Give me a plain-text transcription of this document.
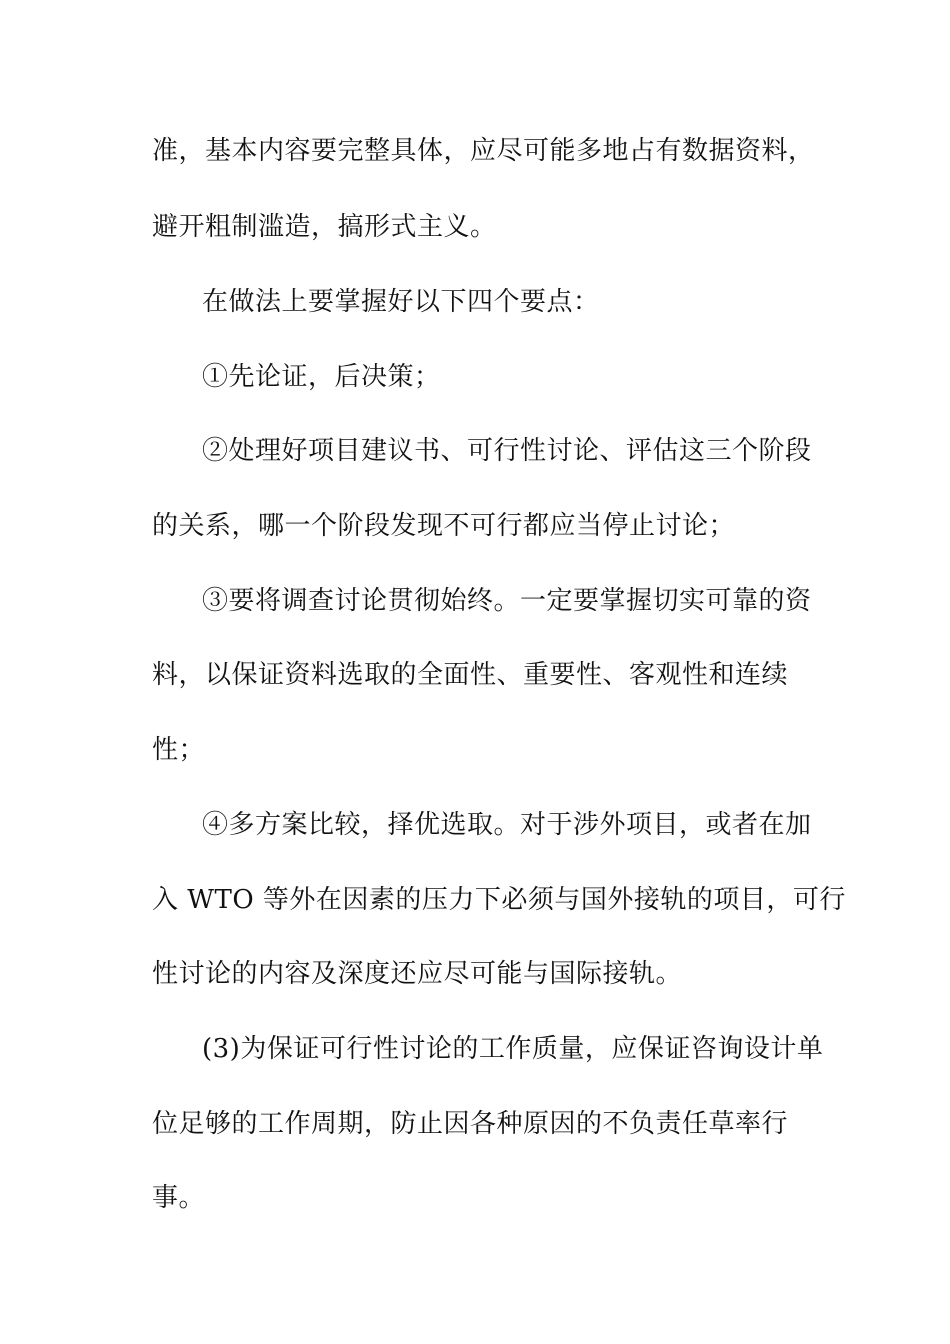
准，基本内容要完整具体，应尽可能多地占有数据资料，
避开粗制滥造，搞形式主义。
在做法上要掌握好以下四个要点：
①先论证，后决策；
②处理好项目建议书、可行性讨论、评估这三个阶段
的关系，哪一个阶段发现不可行都应当停止讨论；
③要将调查讨论贯彻始终。一定要掌握切实可靠的资
料，以保证资料选取的全面性、重要性、客观性和连续
性；
④多方案比较，择优选取。对于涉外项目，或者在加
入 WTO 等外在因素的压力下必须与国外接轨的项目，可行
性讨论的内容及深度还应尽可能与国际接轨。
(3)为保证可行性讨论的工作质量，应保证咨询设计单
位足够的工作周期，防止因各种原因的不负责任草率行
事。
